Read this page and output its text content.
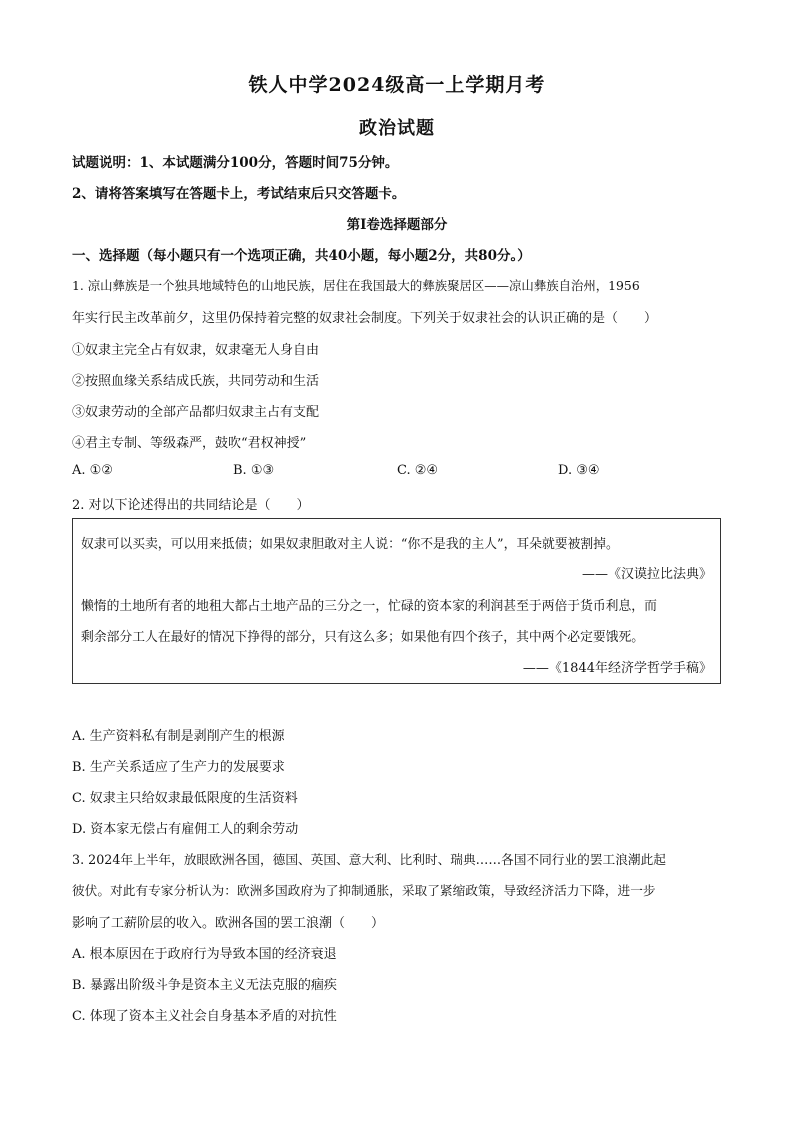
铁人中学2024级高一上学期月考
政治试题
试题说明：1、本试题满分100分，答题时间75分钟。
2、请将答案填写在答题卡上，考试结束后只交答题卡。
第Ⅰ卷选择题部分
一、选择题（每小题只有一个选项正确，共40小题，每小题2分，共80分。）
1. 凉山彝族是一个独具地域特色的山地民族，居住在我国最大的彝族聚居区——凉山彝族自治州，1956
年实行民主改革前夕，这里仍保持着完整的奴隶社会制度。下列关于奴隶社会的认识正确的是（　　）
①奴隶主完全占有奴隶，奴隶毫无人身自由
②按照血缘关系结成氏族，共同劳动和生活
③奴隶劳动的全部产品都归奴隶主占有支配
④君主专制、等级森严，鼓吹“君权神授”
A. ①②	B. ①③	C. ②④	D. ③④
2. 对以下论述得出的共同结论是（　　）
奴隶可以买卖，可以用来抵债；如果奴隶胆敢对主人说：“你不是我的主人”，耳朵就要被割掉。
——《汉谟拉比法典》
懒惰的土地所有者的地租大都占土地产品的三分之一，忙碌的资本家的利润甚至于两倍于货币利息，而
剩余部分工人在最好的情况下挣得的部分，只有这么多；如果他有四个孩子，其中两个必定要饿死。
——《1844年经济学哲学手稿》
A. 生产资料私有制是剥削产生的根源
B. 生产关系适应了生产力的发展要求
C. 奴隶主只给奴隶最低限度的生活资料
D. 资本家无偿占有雇佣工人的剩余劳动
3. 2024年上半年，放眼欧洲各国，德国、英国、意大利、比利时、瑞典……各国不同行业的罢工浪潮此起
彼伏。对此有专家分析认为：欧洲多国政府为了抑制通胀，采取了紧缩政策，导致经济活力下降，进一步
影响了工薪阶层的收入。欧洲各国的罢工浪潮（　　）
A. 根本原因在于政府行为导致本国的经济衰退
B. 暴露出阶级斗争是资本主义无法克服的痼疾
C. 体现了资本主义社会自身基本矛盾的对抗性
